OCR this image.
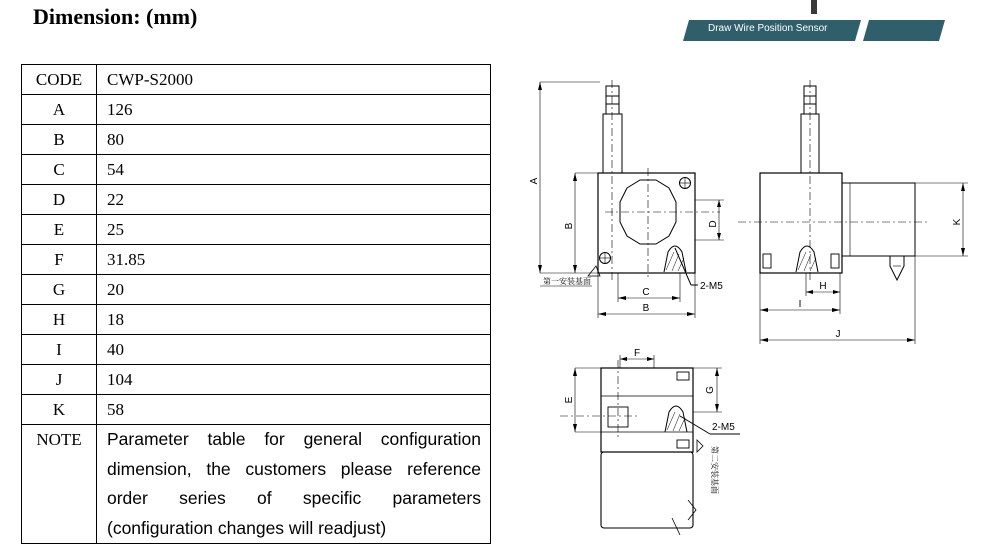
Dimension: (mm)	Draw Wire Position Sensor
CODE	CWP-S2000
A	126
B	80
C	54
D	22
E	25
F	31.85
G	20
H	18
I	40
J	104
K	58
NOTE	Parameter table for general configuration dimension, the customers please reference order series of specific parameters (configuration changes will readjust)
A
B	D
C
B
2-M5
第一安装基面
K
H
I
J
E
F
G
2-M5
第二安装基面
